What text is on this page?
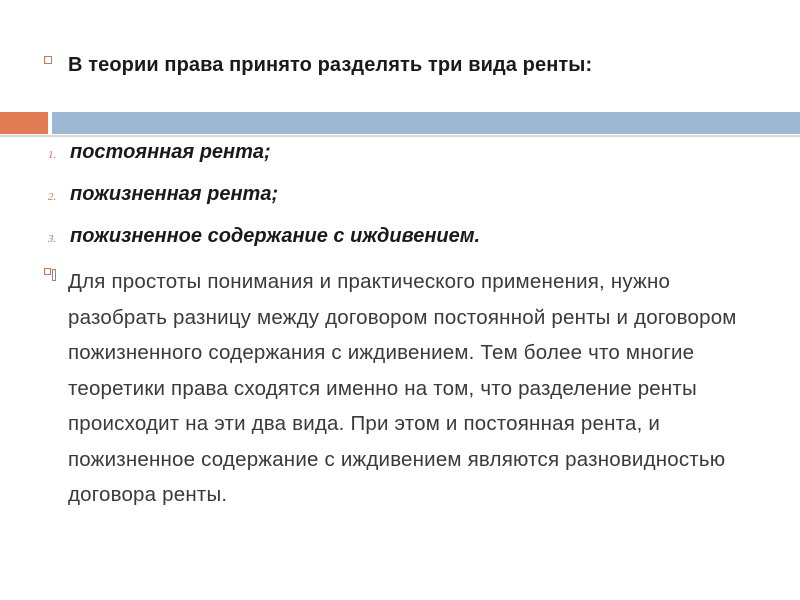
В теории права принято разделять три вида ренты:
1. постоянная рента;
2. пожизненная рента;
3. пожизненное содержание с иждивением.
Для простоты понимания и практического применения, нужно разобрать разницу между договором постоянной ренты и договором пожизненного содержания с иждивением. Тем более что многие теоретики права сходятся именно на том, что разделение ренты происходит на эти два вида. При этом и постоянная рента, и пожизненное содержание с иждивением являются разновидностью договора ренты.
